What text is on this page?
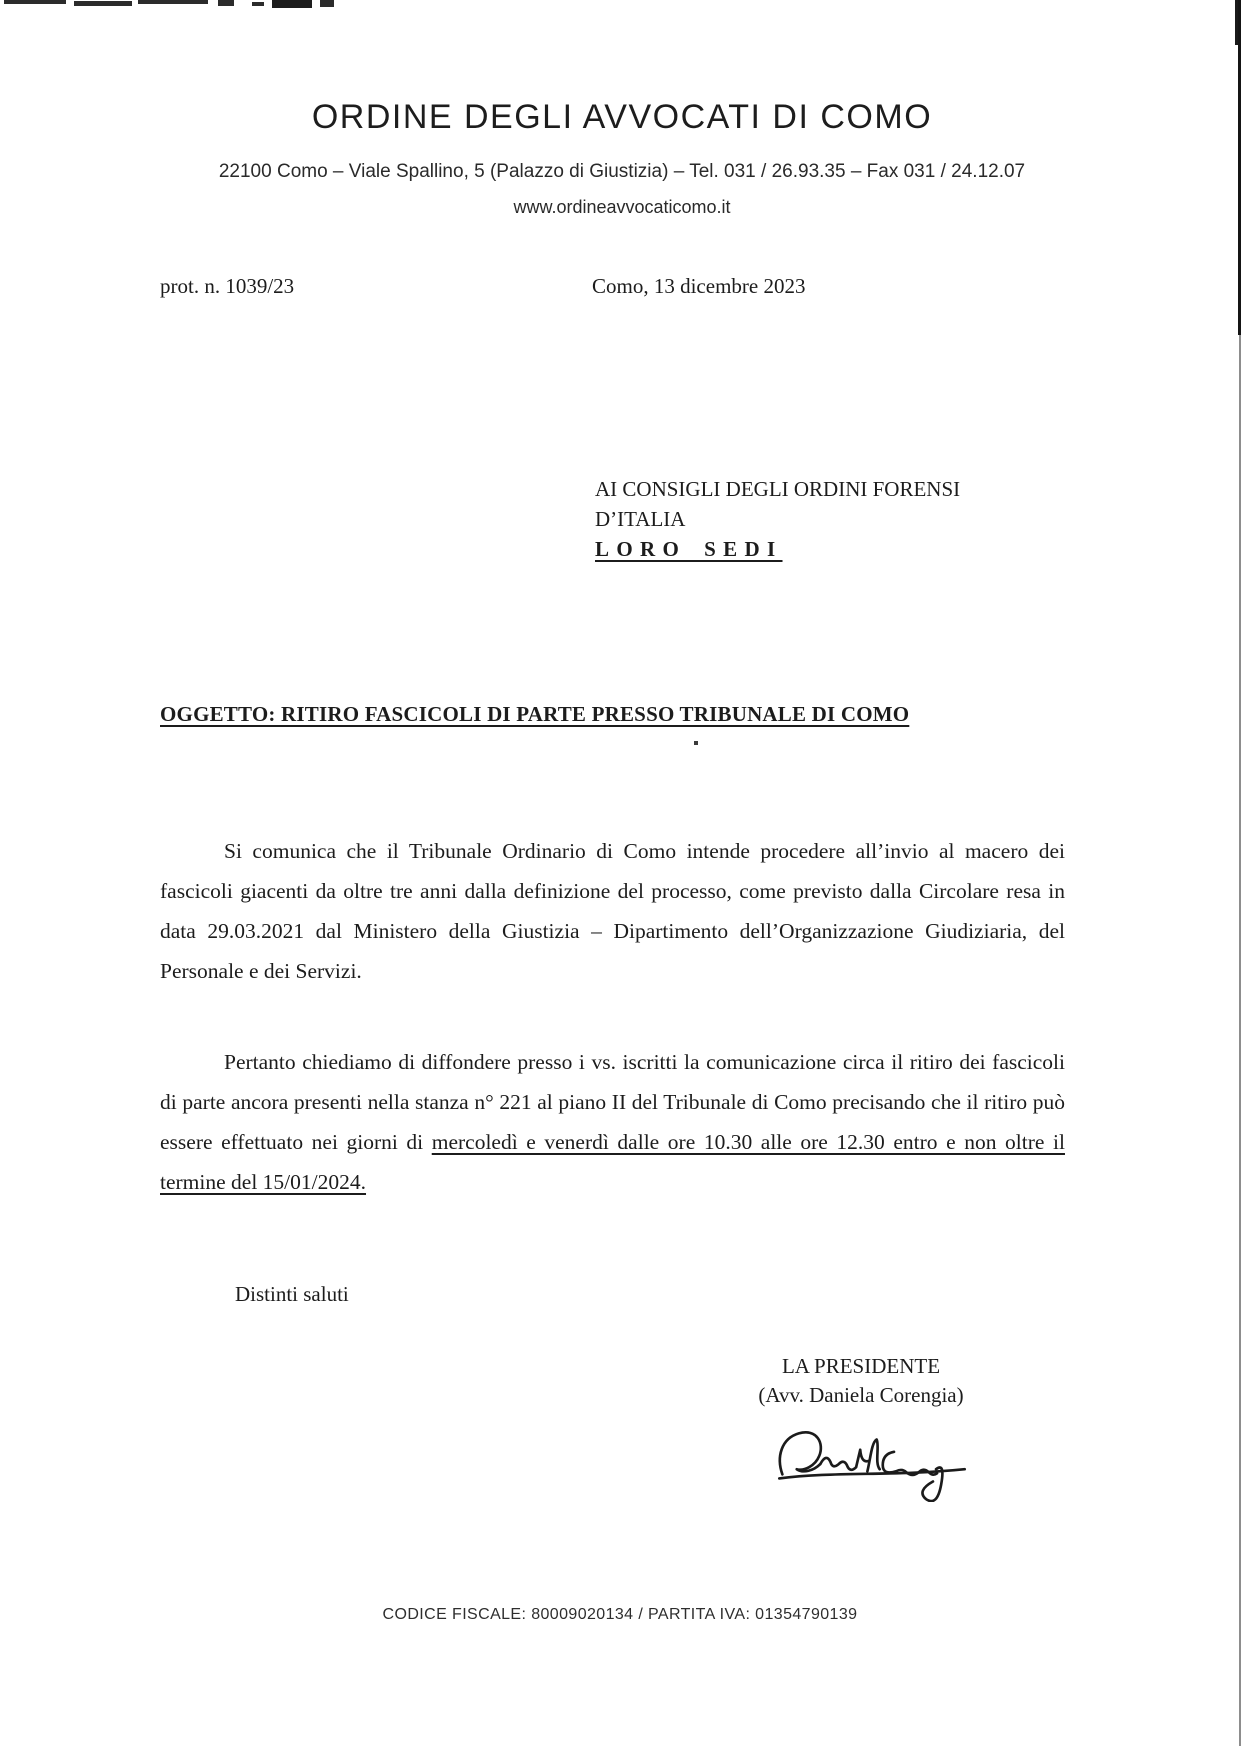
ORDINE DEGLI AVVOCATI DI COMO
22100 Como – Viale Spallino, 5 (Palazzo di Giustizia) – Tel. 031 / 26.93.35 – Fax 031 / 24.12.07
www.ordineavvocaticomo.it
prot. n. 1039/23	Como, 13 dicembre 2023
AI CONSIGLI DEGLI ORDINI FORENSI
D’ITALIA
LORO SEDI
OGGETTO: RITIRO FASCICOLI DI PARTE PRESSO TRIBUNALE DI COMO

Si comunica che il Tribunale Ordinario di Como intende procedere all’invio al macero dei fascicoli giacenti da oltre tre anni dalla definizione del processo, come previsto dalla Circolare resa in data 29.03.2021 dal Ministero della Giustizia – Dipartimento dell’Organizzazione Giudiziaria, del Personale e dei Servizi.

Pertanto chiediamo di diffondere presso i vs. iscritti la comunicazione circa il ritiro dei fascicoli di parte ancora presenti nella stanza n° 221 al piano II del Tribunale di Como precisando che il ritiro può essere effettuato nei giorni di mercoledì e venerdì dalle ore 10.30 alle ore 12.30 entro e non oltre il termine del 15/01/2024.

Distinti saluti
LA PRESIDENTE
(Avv. Daniela Corengia)
CODICE FISCALE: 80009020134 / PARTITA IVA: 01354790139
